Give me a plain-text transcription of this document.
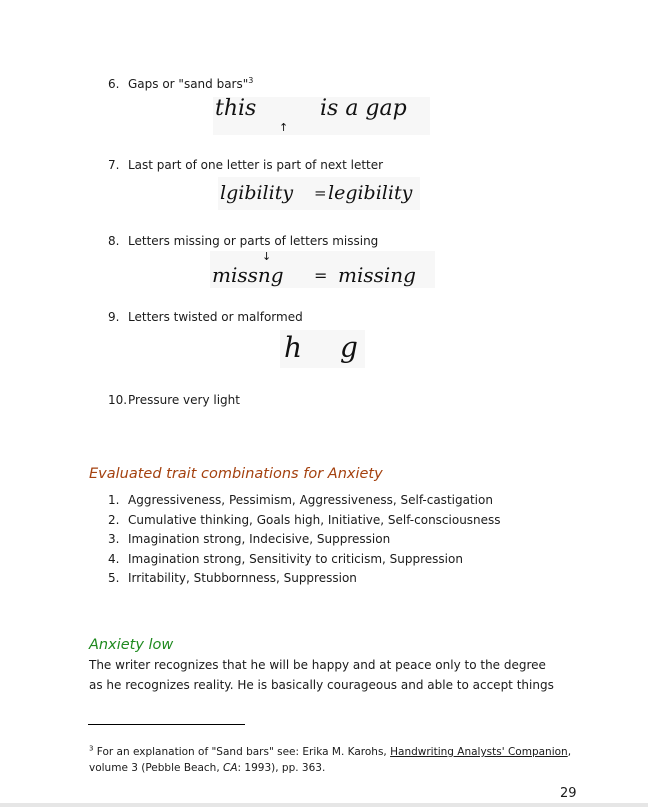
6. Gaps or "sand bars"$^3$
this
↑
is a gap
7. Last part of one letter is part of next letter
lgibility = legibility
8. Letters missing or parts of letters missing
↓
missng = missing
9. Letters twisted or malformed
h g
10.Pressure very light
Evaluated trait combinations for Anxiety
1. Aggressiveness, Pessimism, Aggressiveness, Self-castigation
2. Cumulative thinking, Goals high, Initiative, Self-consciousness
3. Imagination strong, Indecisive, Suppression
4. Imagination strong, Sensitivity to criticism, Suppression
5. Irritability, Stubbornness, Suppression
Anxiety low
The writer recognizes that he will be happy and at peace only to the degree
as he recognizes reality. He is basically courageous and able to accept things
$^3$ For an explanation of "Sand bars" see: Erika M. Karohs, Handwriting Analysts' Companion,
volume 3 (Pebble Beach, CA: 1993), pp. 363.
29
